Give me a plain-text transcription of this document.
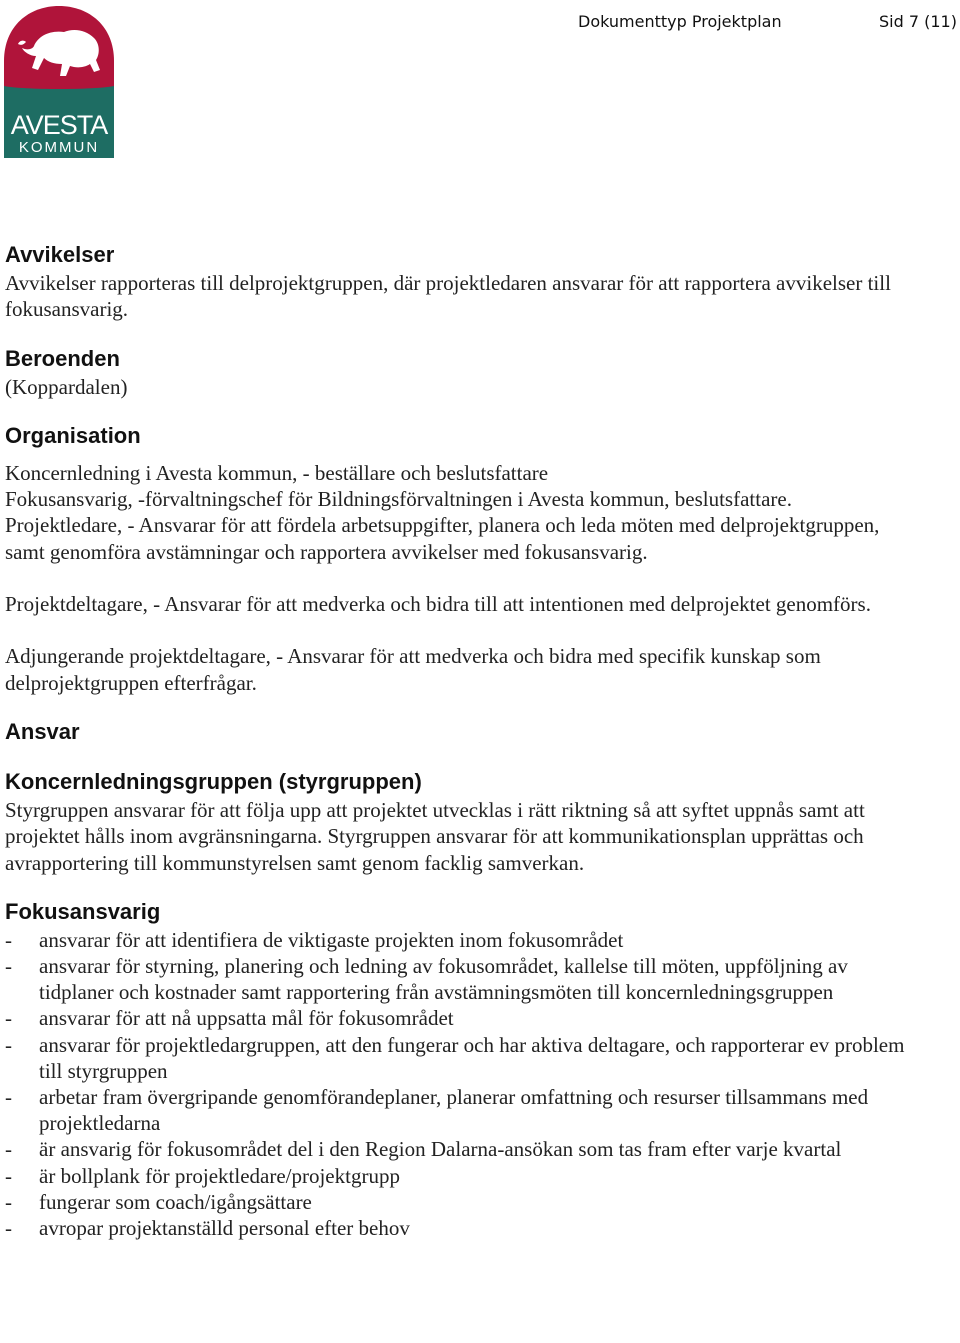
AVESTA
KOMMUN
Dokumenttyp Projektplan	Sid 7 (11)
Avvikelser

Avvikelser rapporteras till delprojektgruppen, där projektledaren ansvarar för att rapportera avvikelser till fokusansvarig.

Beroenden

(Koppardalen)

Organisation

Koncernledning i Avesta kommun, - beställare och beslutsfattare

Fokusansvarig, -förvaltningschef för Bildningsförvaltningen i Avesta kommun, beslutsfattare.

Projektledare, - Ansvarar för att fördela arbetsuppgifter, planera och leda möten med delprojektgruppen, samt genomföra avstämningar och rapportera avvikelser med fokusansvarig.

Projektdeltagare, - Ansvarar för att medverka och bidra till att intentionen med delprojektet genomförs.

Adjungerande projektdeltagare, - Ansvarar för att medverka och bidra med specifik kunskap som delprojektgruppen efterfrågar.

Ansvar
Koncernledningsgruppen (styrgruppen)

Styrgruppen ansvarar för att följa upp att projektet utvecklas i rätt riktning så att syftet uppnås samt att projektet hålls inom avgränsningarna. Styrgruppen ansvarar för att kommunikationsplan upprättas och avrapportering till kommunstyrelsen samt genom facklig samverkan.

Fokusansvarig
- ansvarar för att identifiera de viktigaste projekten inom fokusområdet
- ansvarar för styrning, planering och ledning av fokusområdet, kallelse till möten, uppföljning av tidplaner och kostnader samt rapportering från avstämningsmöten till koncernledningsgruppen
- ansvarar för att nå uppsatta mål för fokusområdet
- ansvarar för projektledargruppen, att den fungerar och har aktiva deltagare, och rapporterar ev problem till styrgruppen
- arbetar fram övergripande genomförandeplaner, planerar omfattning och resurser tillsammans med projektledarna
- är ansvarig för fokusområdet del i den Region Dalarna-ansökan som tas fram efter varje kvartal
- är bollplank för projektledare/projektgrupp
- fungerar som coach/igångsättare
- avropar projektanställd personal efter behov
